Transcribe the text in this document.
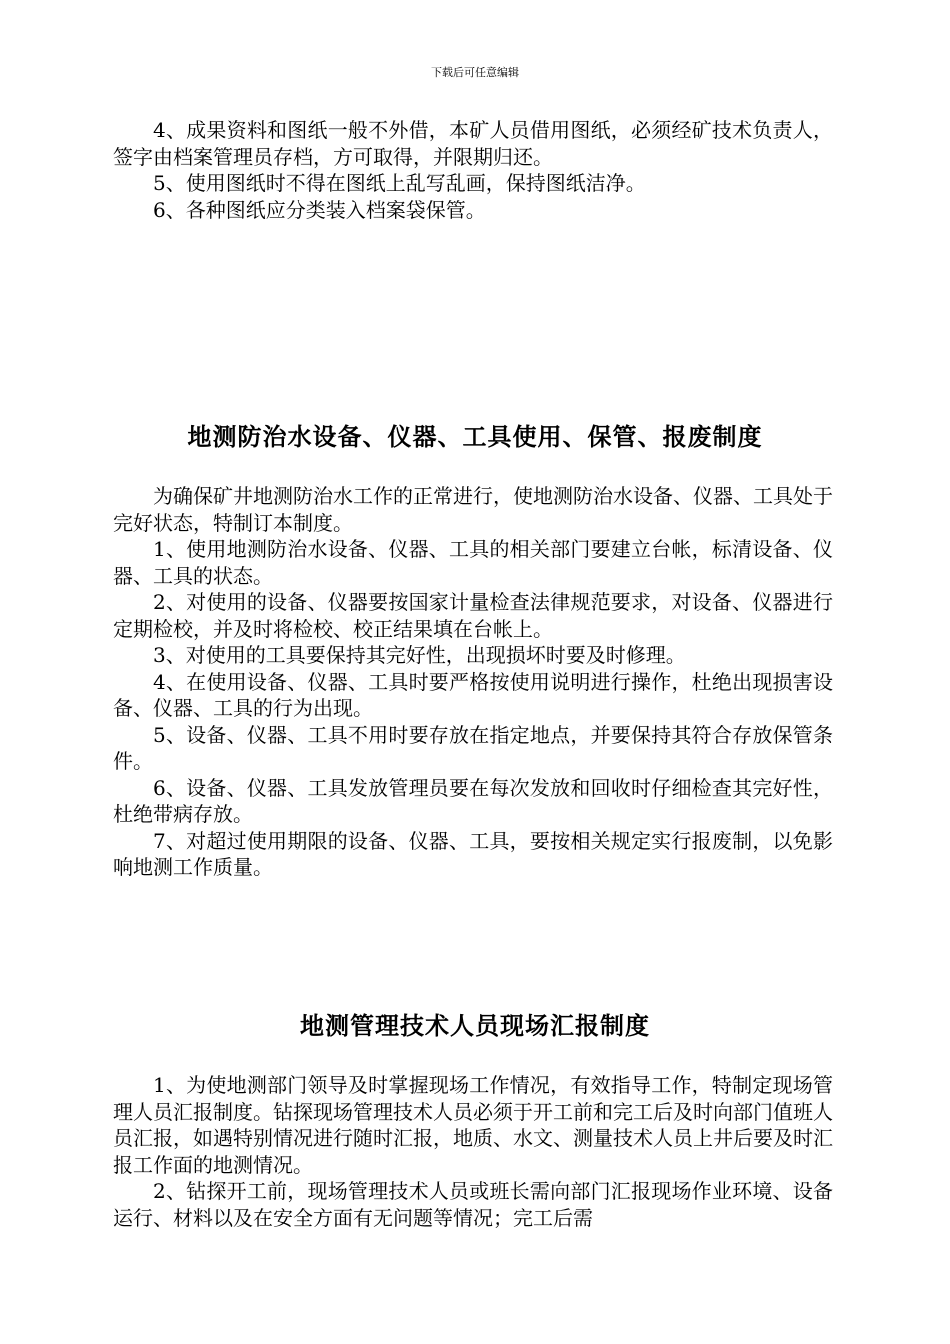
下载后可任意编辑

4、成果资料和图纸一般不外借，本矿人员借用图纸，必须经矿技术负责人，签字由档案管理员存档，方可取得，并限期归还。

5、使用图纸时不得在图纸上乱写乱画，保持图纸洁净。

6、各种图纸应分类装入档案袋保管。

地测防治水设备、仪器、工具使用、保管、报废制度

为确保矿井地测防治水工作的正常进行，使地测防治水设备、仪器、工具处于完好状态，特制订本制度。

1、使用地测防治水设备、仪器、工具的相关部门要建立台帐，标清设备、仪器、工具的状态。

2、对使用的设备、仪器要按国家计量检查法律规范要求，对设备、仪器进行定期检校，并及时将检校、校正结果填在台帐上。

3、对使用的工具要保持其完好性，出现损坏时要及时修理。

4、在使用设备、仪器、工具时要严格按使用说明进行操作，杜绝出现损害设备、仪器、工具的行为出现。

5、设备、仪器、工具不用时要存放在指定地点，并要保持其符合存放保管条件。

6、设备、仪器、工具发放管理员要在每次发放和回收时仔细检查其完好性，杜绝带病存放。

7、对超过使用期限的设备、仪器、工具，要按相关规定实行报废制，以免影响地测工作质量。

地测管理技术人员现场汇报制度

1、为使地测部门领导及时掌握现场工作情况，有效指导工作，特制定现场管理人员汇报制度。钻探现场管理技术人员必须于开工前和完工后及时向部门值班人员汇报，如遇特别情况进行随时汇报，地质、水文、测量技术人员上井后要及时汇报工作面的地测情况。

2、钻探开工前，现场管理技术人员或班长需向部门汇报现场作业环境、设备运行、材料以及在安全方面有无问题等情况；完工后需
